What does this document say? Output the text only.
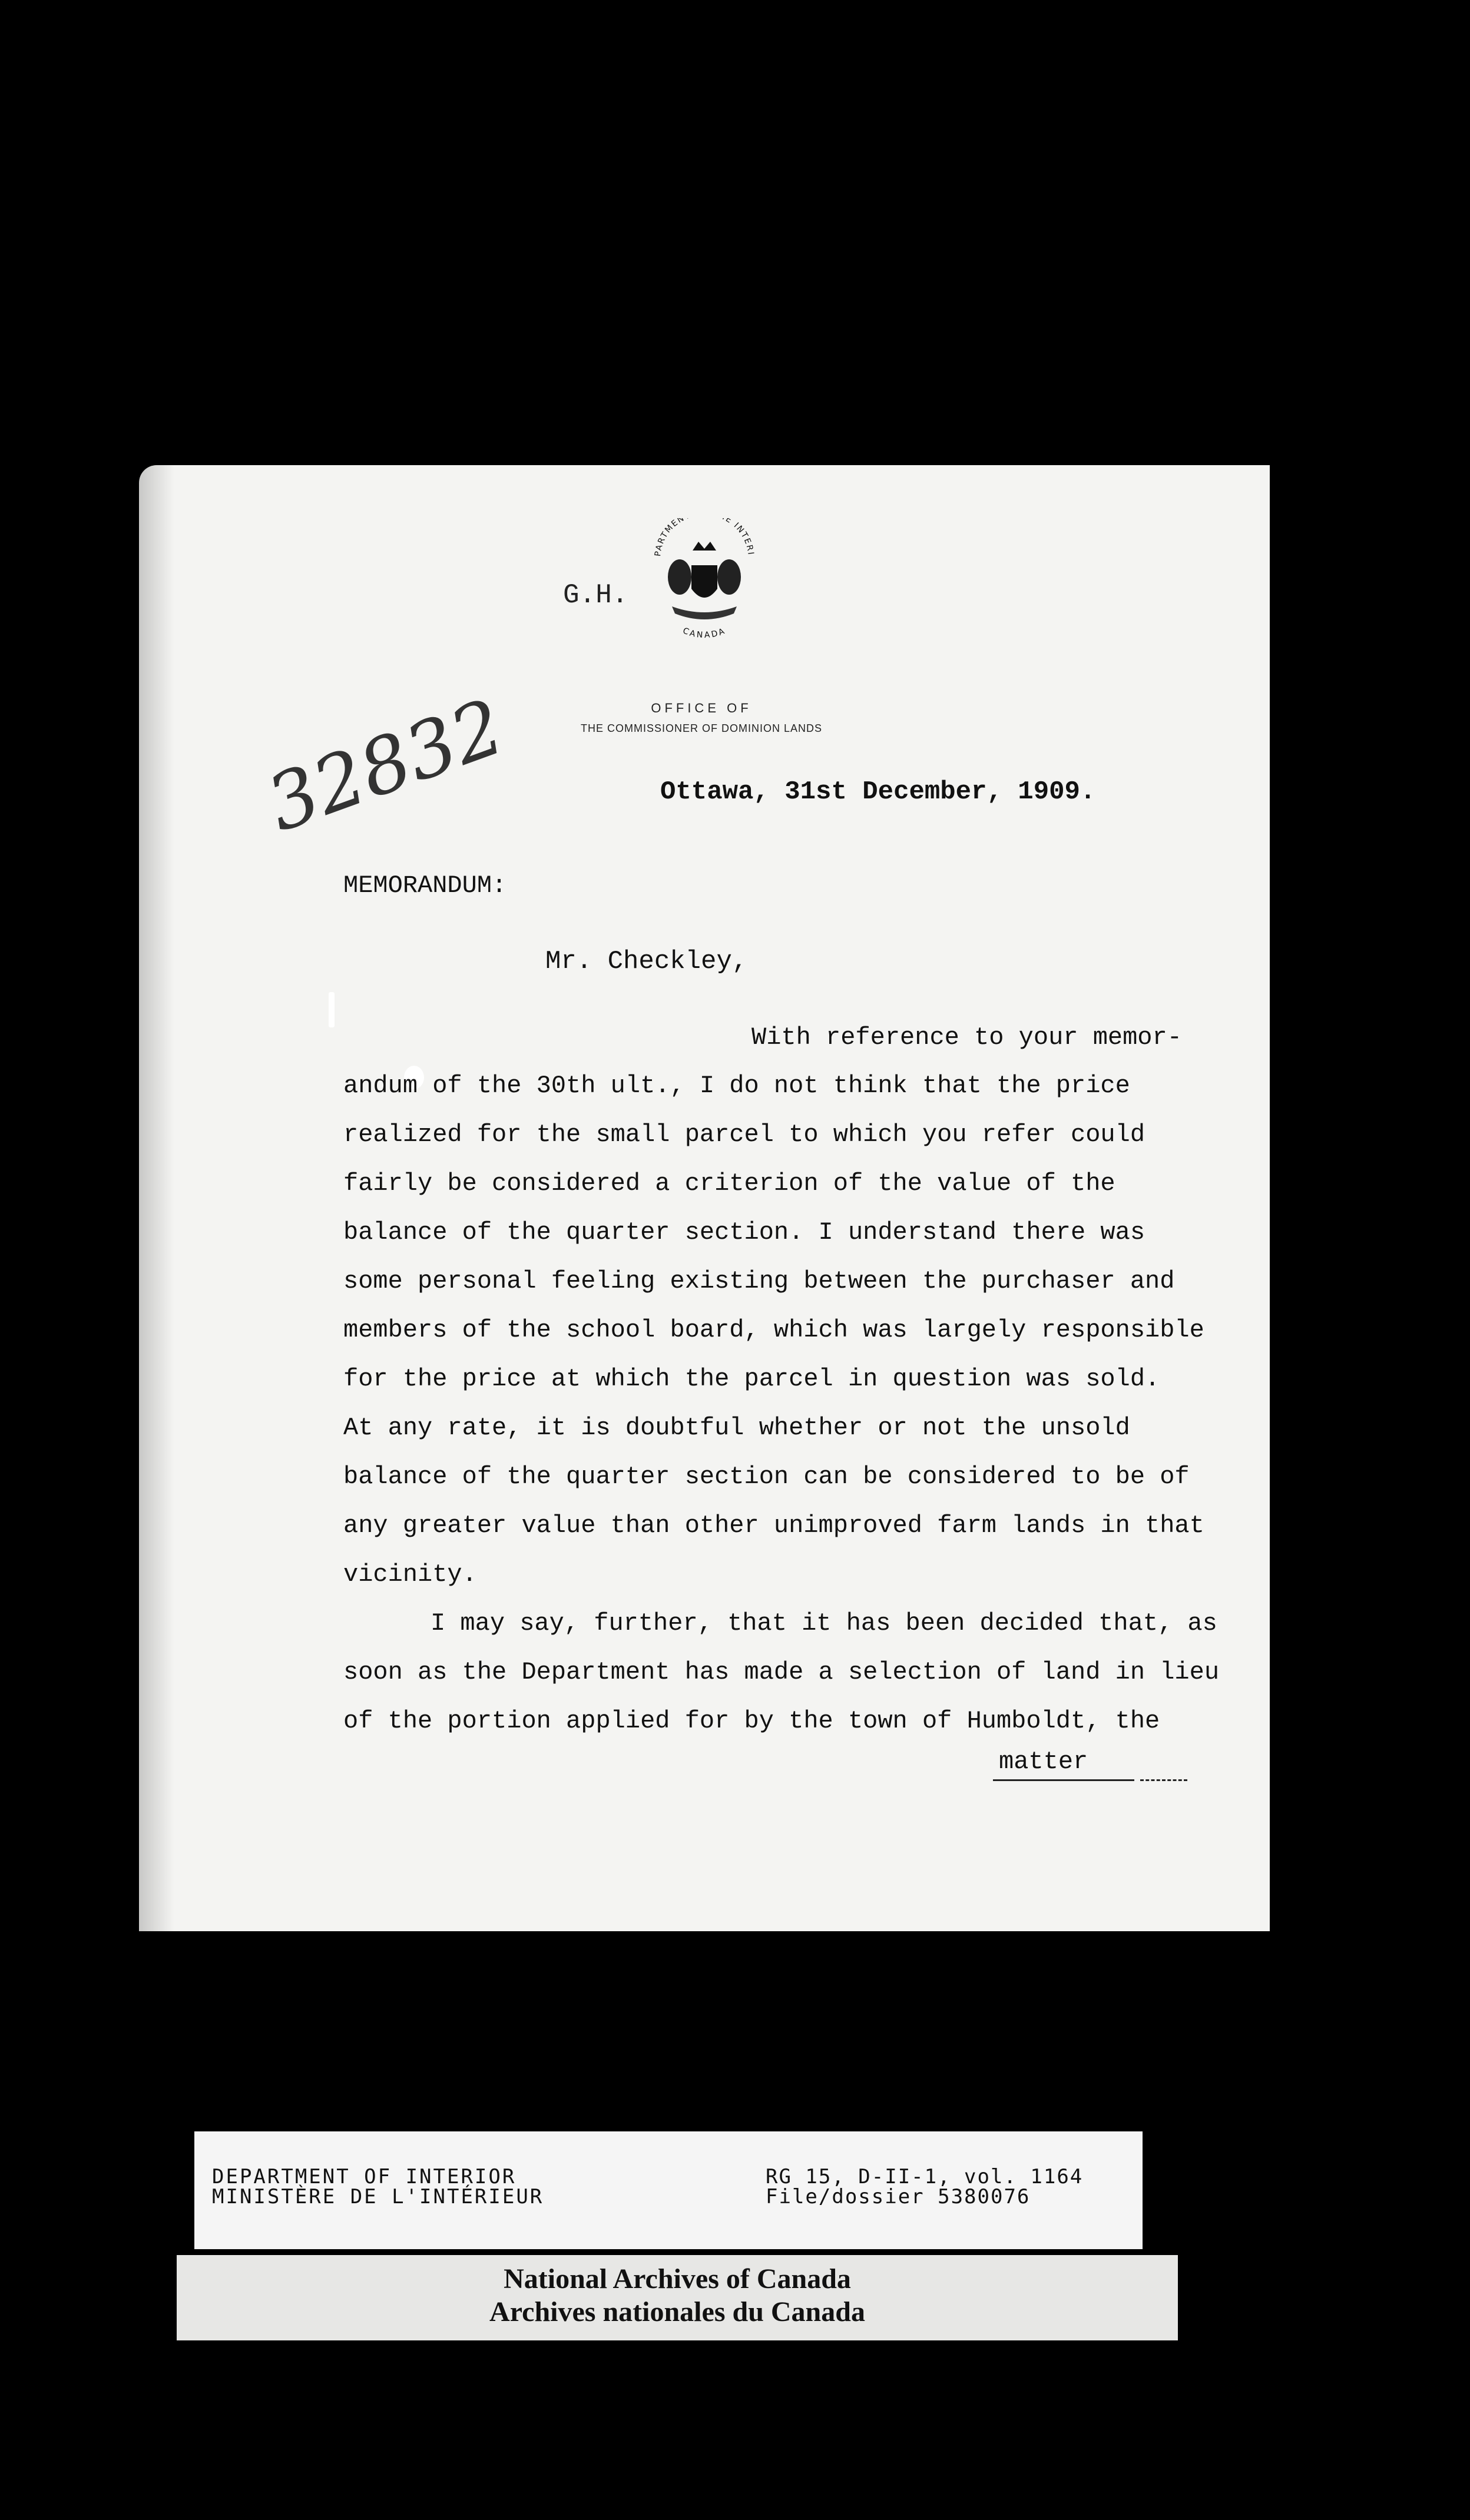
G.H.
PARTMEN E INTERI
CANADA
OFFICE OF
THE COMMISSIONER OF DOMINION LANDS
32832	Ottawa, 31st December, 1909.
MEMORANDUM:
Mr. Checkley,
With reference to your memor-
andum of the 30th ult., I do not think that the price
realized for the small parcel to which you refer could
fairly be considered a criterion of the value of the
balance of the quarter section. I understand there was
some personal feeling existing between the purchaser and
members of the school board, which was largely responsible
for the price at which the parcel in question was sold.
At any rate, it is doubtful whether or not the unsold
balance of the quarter section can be considered to be of
any greater value than other unimproved farm lands in that
vicinity.
I may say, further, that it has been decided that, as
soon as the Department has made a selection of land in lieu
of the portion applied for by the town of Humboldt, the
matter
DEPARTMENT OF INTERIOR
MINISTÈRE DE L'INTÉRIEUR
RG 15, D-II-1, vol. 1164
File/dossier 5380076
National Archives of Canada
Archives nationales du Canada
